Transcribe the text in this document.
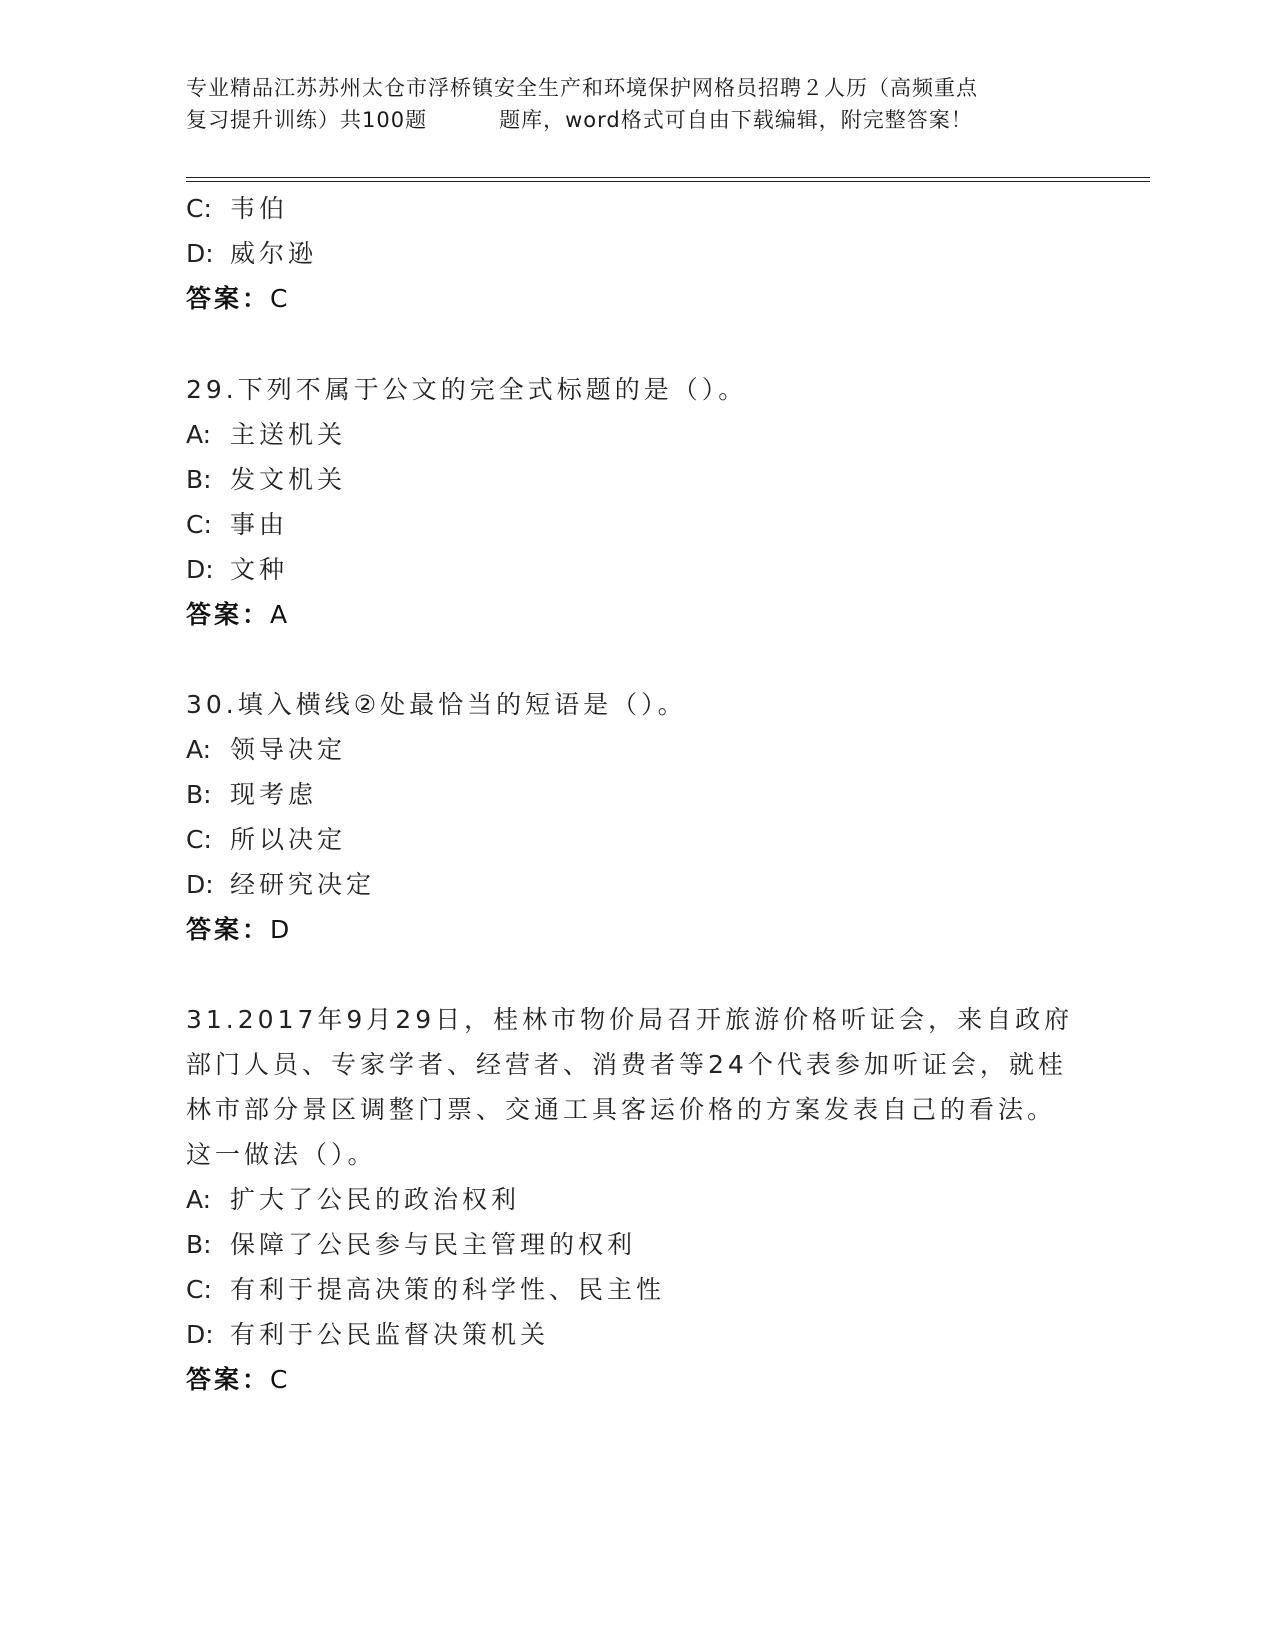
专业精品江苏苏州太仓市浮桥镇安全生产和环境保护网格员招聘２人历（高频重点
复习提升训练）共100题	题库，word格式可自由下载编辑，附完整答案！
C: 韦伯
D: 威尔逊
答案：C
29.下列不属于公文的完全式标题的是（）。
A: 主送机关
B: 发文机关
C: 事由
D: 文种
答案：A
30.填入横线②处最恰当的短语是（）。
A: 领导决定
B: 现考虑
C: 所以决定
D: 经研究决定
答案：D
31.2017年9月29日，桂林市物价局召开旅游价格听证会，来自政府
部门人员、专家学者、经营者、消费者等24个代表参加听证会，就桂
林市部分景区调整门票、交通工具客运价格的方案发表自己的看法。
这一做法（）。
A: 扩大了公民的政治权利
B: 保障了公民参与民主管理的权利
C: 有利于提高决策的科学性、民主性
D: 有利于公民监督决策机关
答案：C
